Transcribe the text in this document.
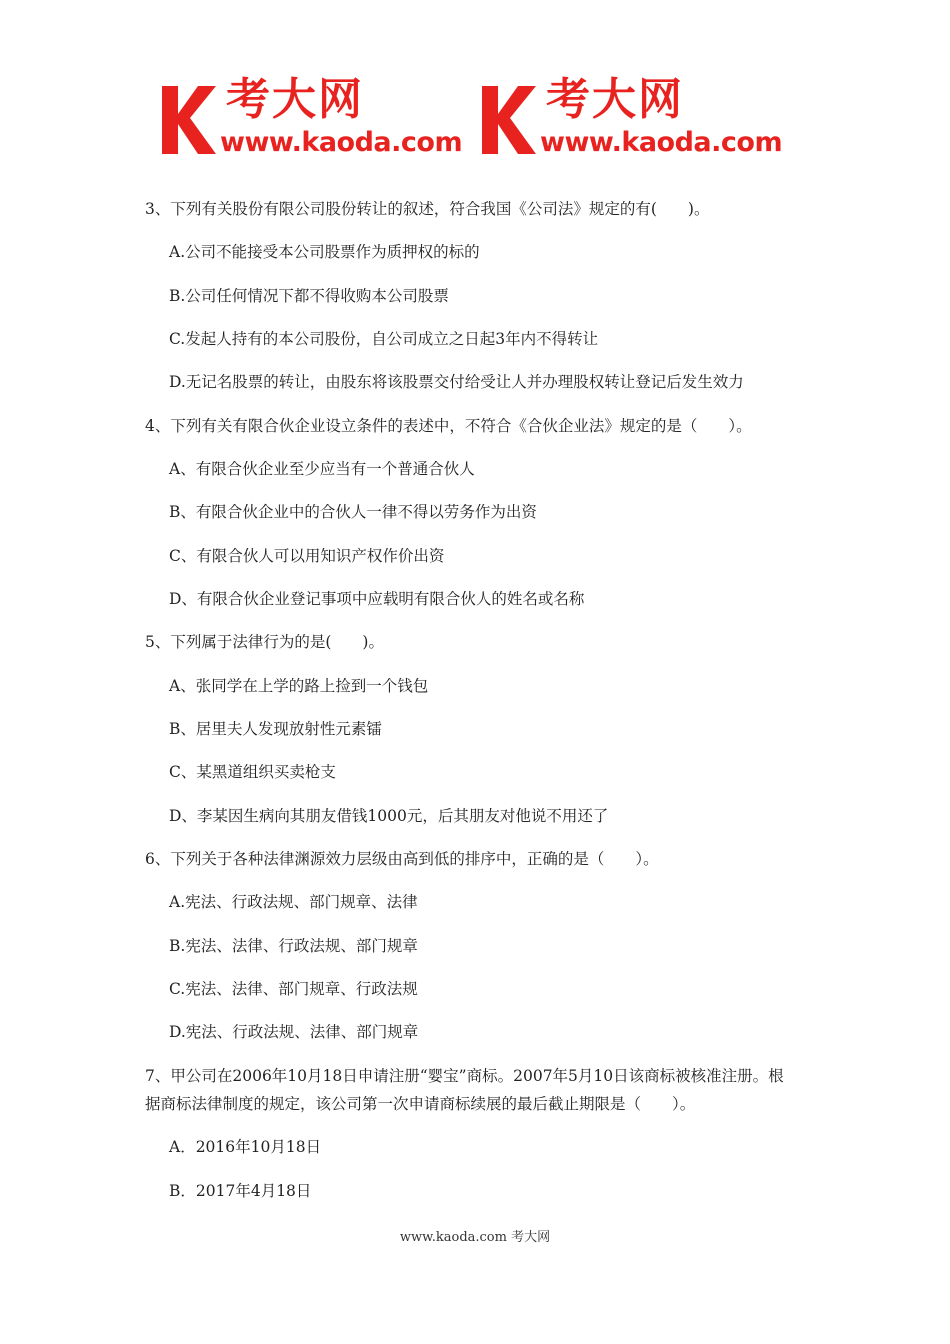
考大网
www.kaoda.com
考大网
www.kaoda.com
3、下列有关股份有限公司股份转让的叙述，符合我国《公司法》规定的有(　　)。
A.公司不能接受本公司股票作为质押权的标的
B.公司任何情况下都不得收购本公司股票
C.发起人持有的本公司股份，自公司成立之日起3年内不得转让
D.无记名股票的转让，由股东将该股票交付给受让人并办理股权转让登记后发生效力
4、下列有关有限合伙企业设立条件的表述中，不符合《合伙企业法》规定的是（　　）。
A、有限合伙企业至少应当有一个普通合伙人
B、有限合伙企业中的合伙人一律不得以劳务作为出资
C、有限合伙人可以用知识产权作价出资
D、有限合伙企业登记事项中应载明有限合伙人的姓名或名称
5、下列属于法律行为的是(　　)。
A、张同学在上学的路上捡到一个钱包
B、居里夫人发现放射性元素镭
C、某黑道组织买卖枪支
D、李某因生病向其朋友借钱1000元，后其朋友对他说不用还了
6、下列关于各种法律渊源效力层级由高到低的排序中，正确的是（　　）。
A.宪法、行政法规、部门规章、法律
B.宪法、法律、行政法规、部门规章
C.宪法、法律、部门规章、行政法规
D.宪法、行政法规、法律、部门规章
7、甲公司在2006年10月18日申请注册“婴宝”商标。2007年5月10日该商标被核准注册。根
据商标法律制度的规定，该公司第一次申请商标续展的最后截止期限是（　　）。
A．2016年10月18日
B．2017年4月18日
www.kaoda.com 考大网
